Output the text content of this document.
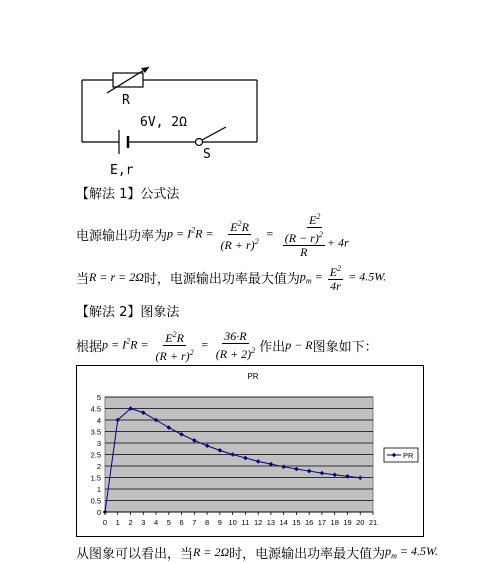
R
6V, 2Ω
E,r
S
【解法 1】公式法
电源输出功率为 $p = I^2R = \frac{E^2R}{(R + r)^2} = \frac{E^2}{\frac{(R - r)^2}{R} + 4r}$
当 R = r = 2Ω 时，电源输出功率最大值为 $p_m = \frac{E^2}{4r} = 4.5W$.
【解法 2】图象法
根据 $p = I^2R = \frac{E^2R}{(R + r)^2} = \frac{36\cdot R}{(R + 2)^2}$ 作出 p − R 图象如下：
PR
0
0.5
1
1.5
2
2.5
3
3.5
4
4.5
5
0 1 2 3 4 5 6 7 8 9 10 11 12 13 14 15 16 17 18 19 20 21
PR
从图象可以看出，当 R = 2Ω 时，电源输出功率最大值为 $p_m = 4.5W$.
